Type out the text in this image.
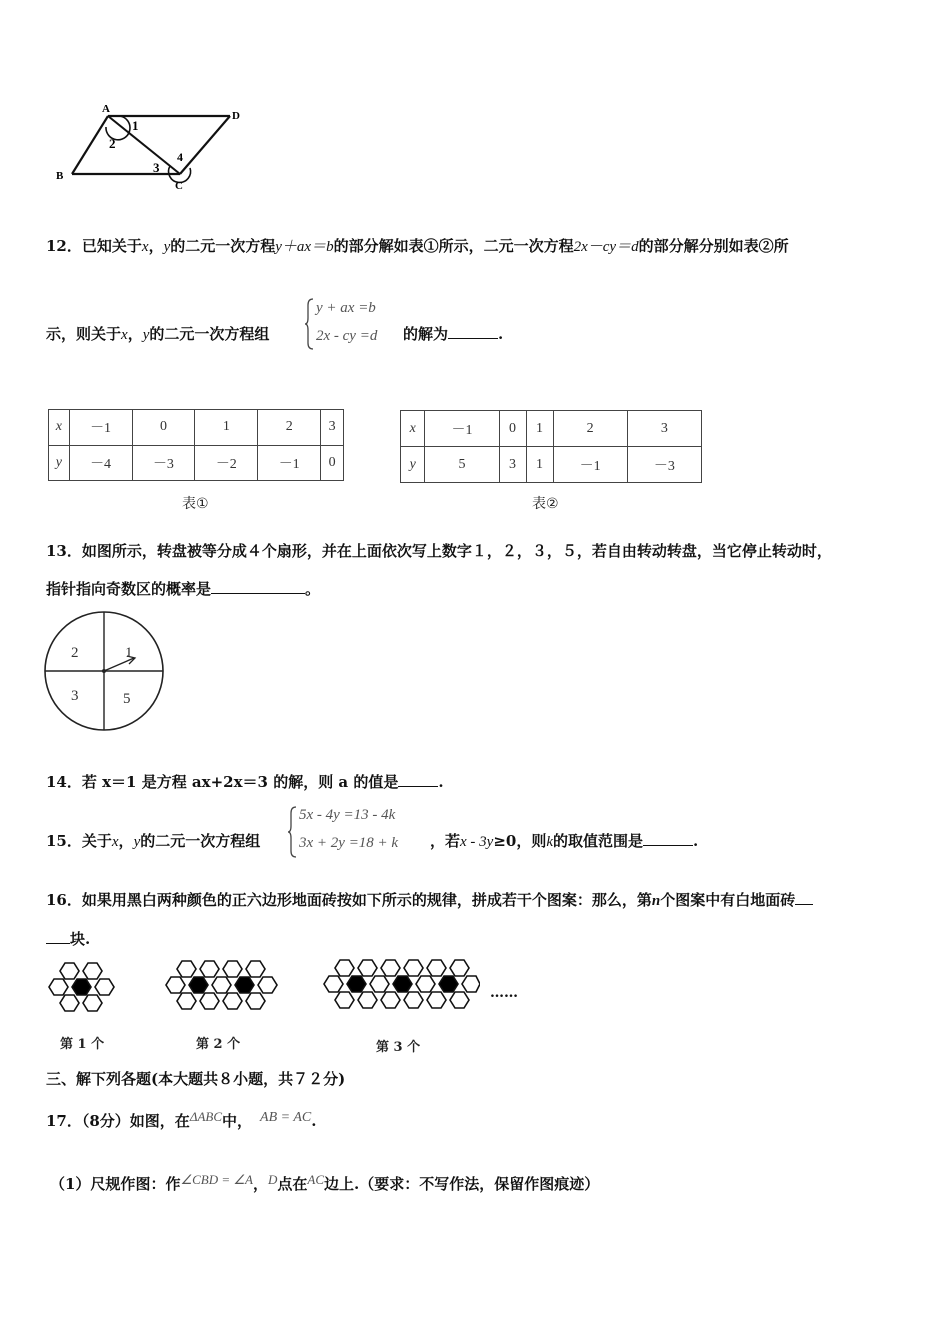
A
D
B
C
1
2
3
4
12．已知关于x，y的二元一次方程y＋ax＝b的部分解如表①所示，二元一次方程2x－cy＝d的部分解分别如表②所
示，则关于x，y的二元一次方程组
y + ax =b
2x - cy =d 的解为	.
x	－1	0	1	2	3
y	－4	－3	－2	－1	0
表①
x	－1	0	1	2	3
y	5	3	1	－1	－3
表②
13．如图所示，转盘被等分成４个扇形，并在上面依次写上数字１，２，３，５，若自由转动转盘，当它停止转动时，
指针指向奇数区的概率是	。
1
2
3	5
14．若 x＝1 是方程 ax+2x＝3 的解，则 a 的值是	.
15．关于x，y的二元一次方程组
5x - 4y =13 - 4k
3x + 2y =18 + k ，若x - 3y≥0，则k的取值范围是	.
16．如果用黑白两种颜色的正六边形地面砖按如下所示的规律，拼成若干个图案：那么，第n个图案中有白地面砖
块.
第 1 个	第 2 个	第 3 个
……
三、解下列各题(本大题共８小题，共７２分)
17．（8分）如图，在ΔABC中， AB = AC.
（1）尺规作图：作∠CBD = ∠A，D点在AC边上.（要求：不写作法，保留作图痕迹）
